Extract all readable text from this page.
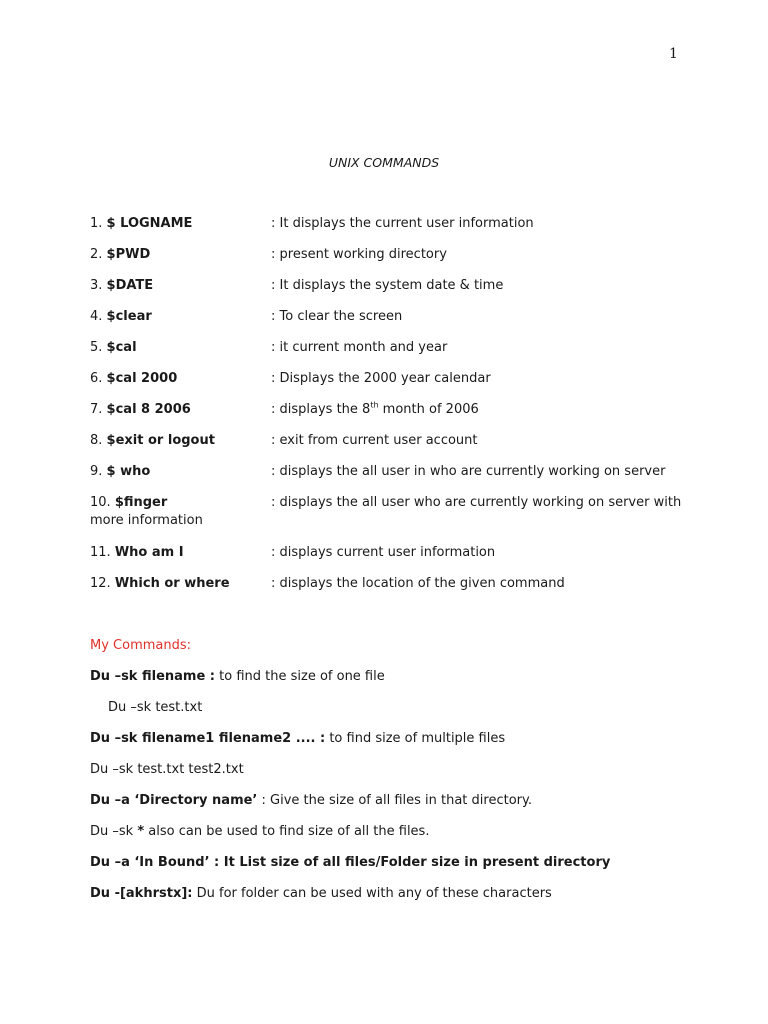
1
UNIX COMMANDS
1. $ LOGNAME	: It displays the current user information
2. $PWD	: present working directory
3. $DATE	: It displays the system date & time
4. $clear	: To clear the screen
5. $cal	: it current month and year
6. $cal 2000	: Displays the 2000 year calendar
7. $cal 8 2006	: displays the 8th month of 2006
8. $exit or logout	: exit from current user account
9. $ who	: displays the all user in who are currently working on server
10. $finger	: displays the all user who are currently working on server with
more information
11. Who am I	: displays current user information
12. Which or where	: displays the location of the given command
My Commands:
Du –sk filename : to find the size of one file
Du –sk test.txt
Du –sk filename1 filename2 .... : to find size of multiple files
Du –sk test.txt test2.txt
Du –a ‘Directory name’ : Give the size of all files in that directory.
Du –sk * also can be used to find size of all the files.
Du –a ‘In Bound’ : It List size of all files/Folder size in present directory
Du -[akhrstx]: Du for folder can be used with any of these characters
